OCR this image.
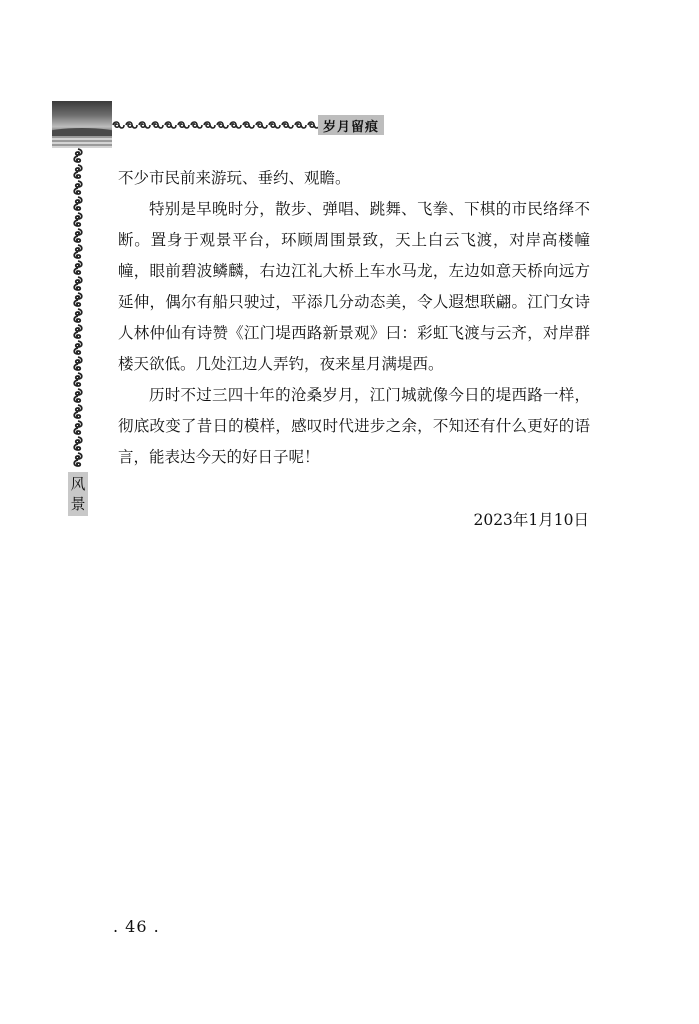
岁月留痕
风
景

不少市民前来游玩、垂约、观瞻。

特别是早晚时分，散步、弹唱、跳舞、飞拳、下棋的市民络绎不断。置身于观景平台，环顾周围景致，天上白云飞渡，对岸高楼幢幢，眼前碧波鳞麟，右边江礼大桥上车水马龙，左边如意天桥向远方延伸，偶尔有船只驶过，平添几分动态美，令人遐想联翩。江门女诗人林仲仙有诗赞《江门堤西路新景观》曰：彩虹飞渡与云齐，对岸群楼天欲低。几处江边人弄钓，夜来星月满堤西。

历时不过三四十年的沧桑岁月，江门城就像今日的堤西路一样，彻底改变了昔日的模样，感叹时代进步之余，不知还有什么更好的语言，能表达今天的好日子呢！

2023年1月10日
. 46 .
